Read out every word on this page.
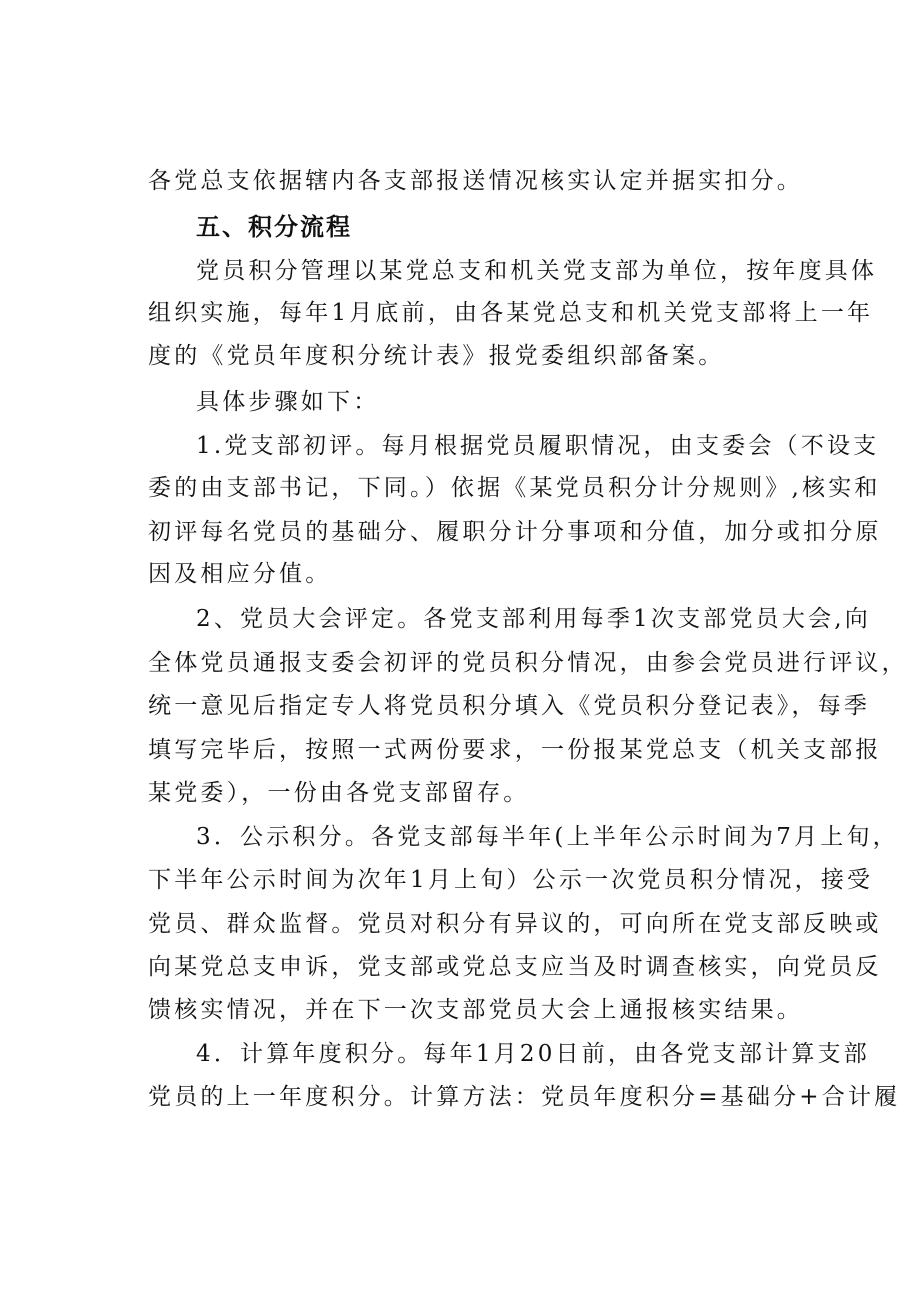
各党总支依据辖内各支部报送情况核实认定并据实扣分。
五、积分流程
党员积分管理以某党总支和机关党支部为单位，按年度具体
组织实施，每年1月底前，由各某党总支和机关党支部将上一年
度的《党员年度积分统计表》报党委组织部备案。
具体步骤如下：
1.党支部初评。每月根据党员履职情况，由支委会（不设支
委的由支部书记，下同。）依据《某党员积分计分规则》,核实和
初评每名党员的基础分、履职分计分事项和分值，加分或扣分原
因及相应分值。
2、党员大会评定。各党支部利用每季1次支部党员大会,向
全体党员通报支委会初评的党员积分情况，由参会党员进行评议，
统一意见后指定专人将党员积分填入《党员积分登记表》，每季
填写完毕后，按照一式两份要求，一份报某党总支（机关支部报
某党委），一份由各党支部留存。
3．公示积分。各党支部每半年(上半年公示时间为7月上旬，
下半年公示时间为次年1月上旬）公示一次党员积分情况，接受
党员、群众监督。党员对积分有异议的，可向所在党支部反映或
向某党总支申诉，党支部或党总支应当及时调查核实，向党员反
馈核实情况，并在下一次支部党员大会上通报核实结果。
4．计算年度积分。每年1月20日前，由各党支部计算支部
党员的上一年度积分。计算方法：党员年度积分=基础分+合计履
